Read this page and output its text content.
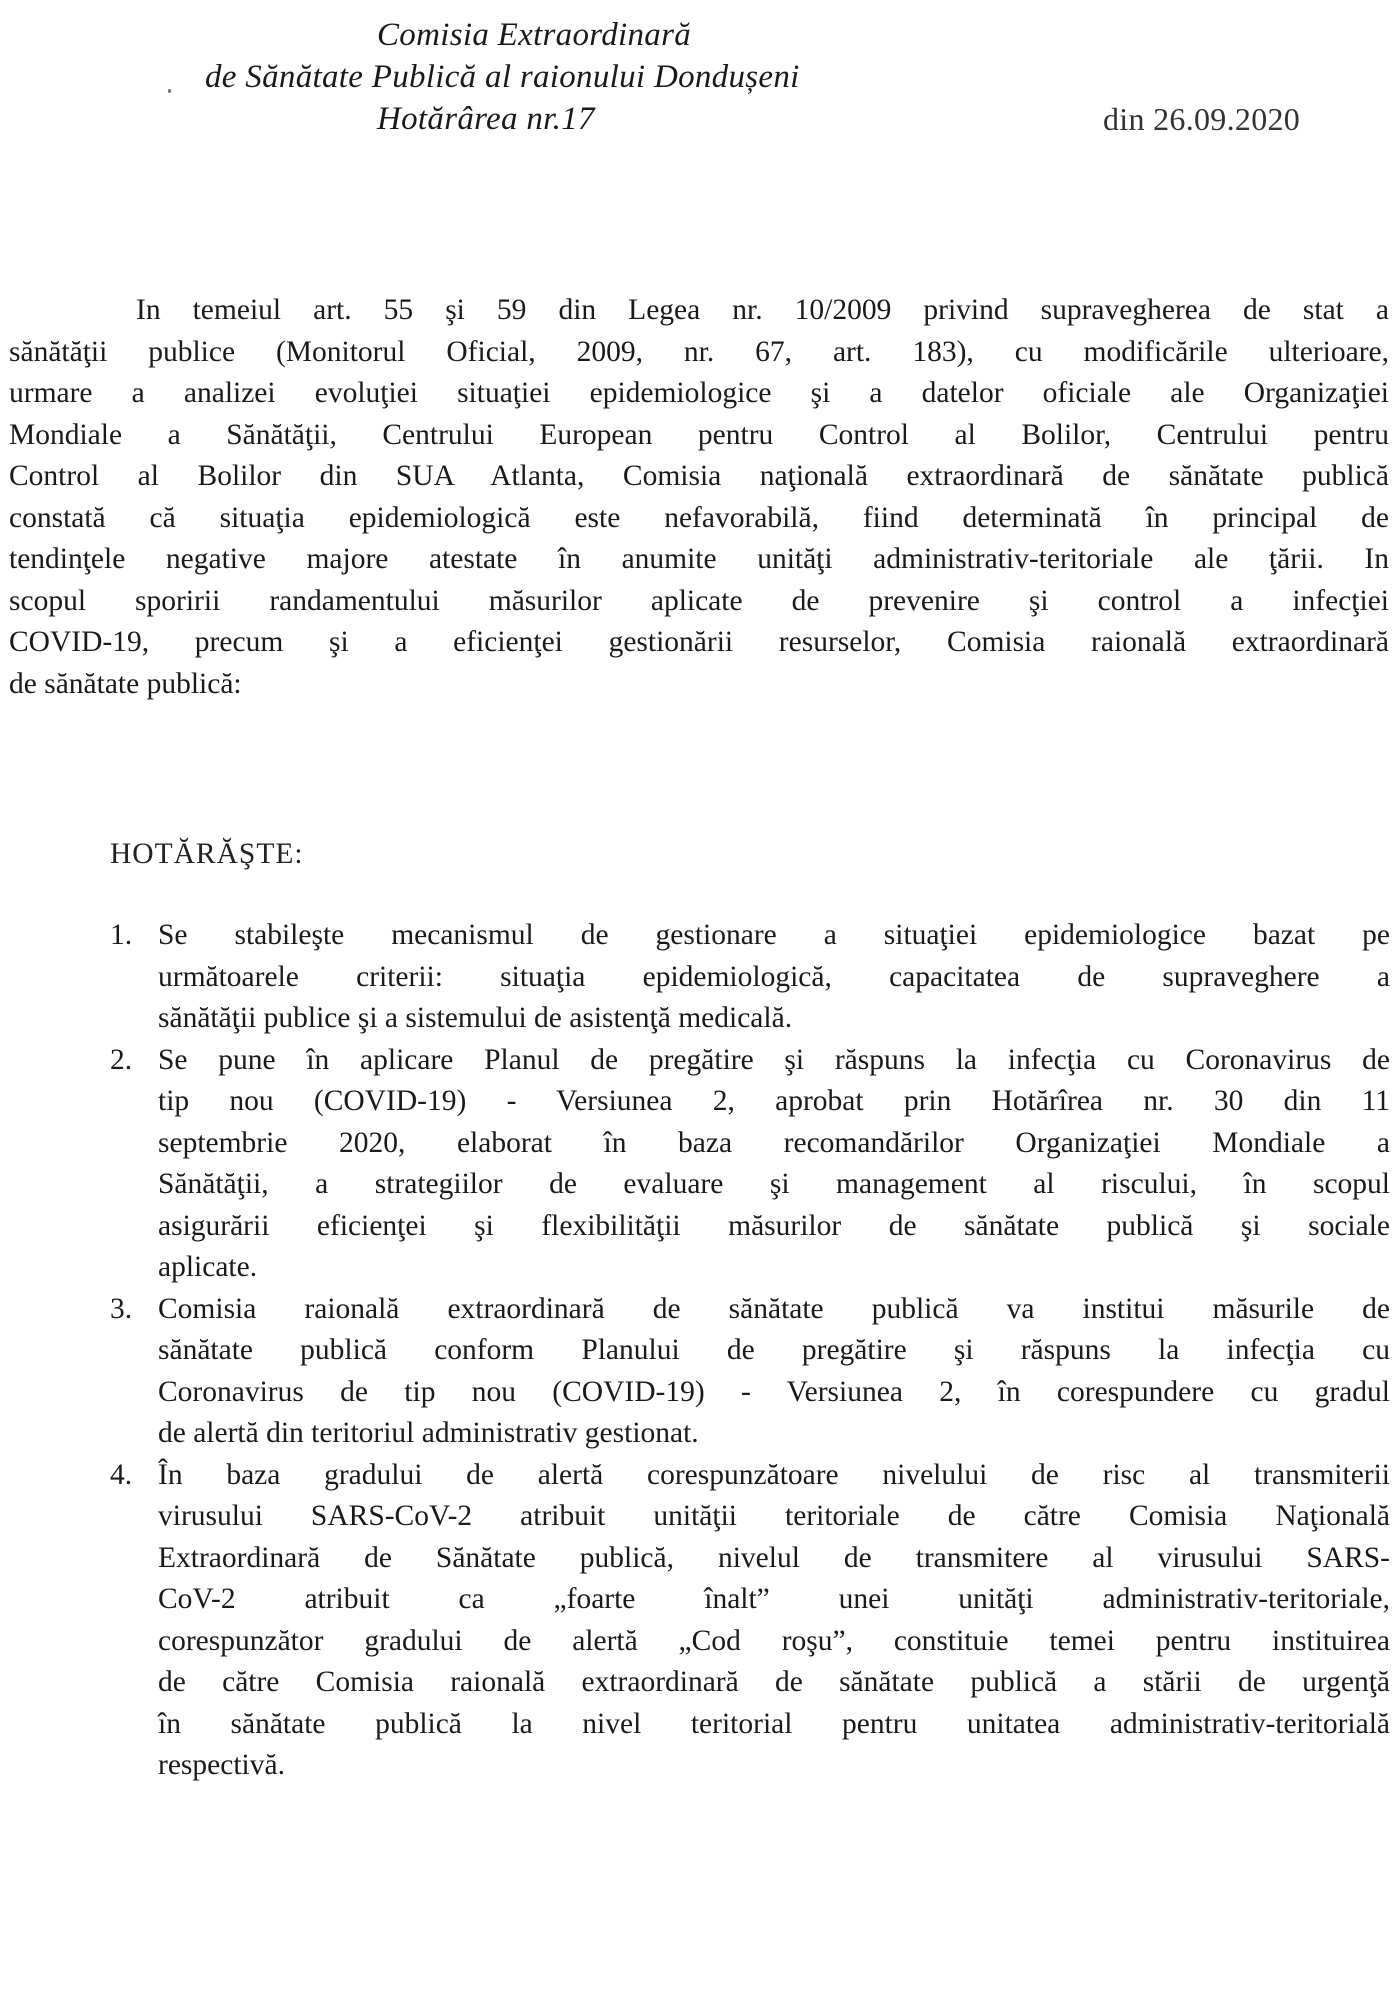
Comisia Extraordinară
de Sănătate Publică al raionului Dondușeni
Hotărârea nr.17	din 26.09.2020
In temeiul art. 55 şi 59 din Legea nr. 10/2009 privind supravegherea de stat a
sănătăţii publice (Monitorul Oficial, 2009, nr. 67, art. 183), cu modificările ulterioare,
urmare a analizei evoluţiei situaţiei epidemiologice şi a datelor oficiale ale Organizaţiei
Mondiale a Sănătăţii, Centrului European pentru Control al Bolilor, Centrului pentru
Control al Bolilor din SUA Atlanta, Comisia naţională extraordinară de sănătate publică
constată că situaţia epidemiologică este nefavorabilă, fiind determinată în principal de
tendinţele negative majore atestate în anumite unităţi administrativ-teritoriale ale ţării. In
scopul sporirii randamentului măsurilor aplicate de prevenire şi control a infecţiei
COVID-19, precum şi a eficienţei gestionării resurselor, Comisia raională extraordinară
de sănătate publică:
HOTĂRĂŞTE:
1. Se stabileşte mecanismul de gestionare a situaţiei epidemiologice bazat pe
următoarele criterii: situaţia epidemiologică, capacitatea de supraveghere a
sănătăţii publice şi a sistemului de asistenţă medicală.
2. Se pune în aplicare Planul de pregătire şi răspuns la infecţia cu Coronavirus de
tip nou (COVID-19) - Versiunea 2, aprobat prin Hotărîrea nr. 30 din 11
septembrie 2020, elaborat în baza recomandărilor Organizaţiei Mondiale a
Sănătăţii, a strategiilor de evaluare şi management al riscului, în scopul
asigurării eficienţei şi flexibilităţii măsurilor de sănătate publică şi sociale
aplicate.
3. Comisia raională extraordinară de sănătate publică va institui măsurile de
sănătate publică conform Planului de pregătire şi răspuns la infecţia cu
Coronavirus de tip nou (COVID-19) - Versiunea 2, în corespundere cu gradul
de alertă din teritoriul administrativ gestionat.
4. În baza gradului de alertă corespunzătoare nivelului de risc al transmiterii
virusului SARS-CoV-2 atribuit unităţii teritoriale de către Comisia Naţională
Extraordinară de Sănătate publică, nivelul de transmitere al virusului SARS-
CoV-2 atribuit ca „foarte înalt” unei unităţi administrativ-teritoriale,
corespunzător gradului de alertă „Cod roşu”, constituie temei pentru instituirea
de către Comisia raională extraordinară de sănătate publică a stării de urgenţă
în sănătate publică la nivel teritorial pentru unitatea administrativ-teritorială
respectivă.
